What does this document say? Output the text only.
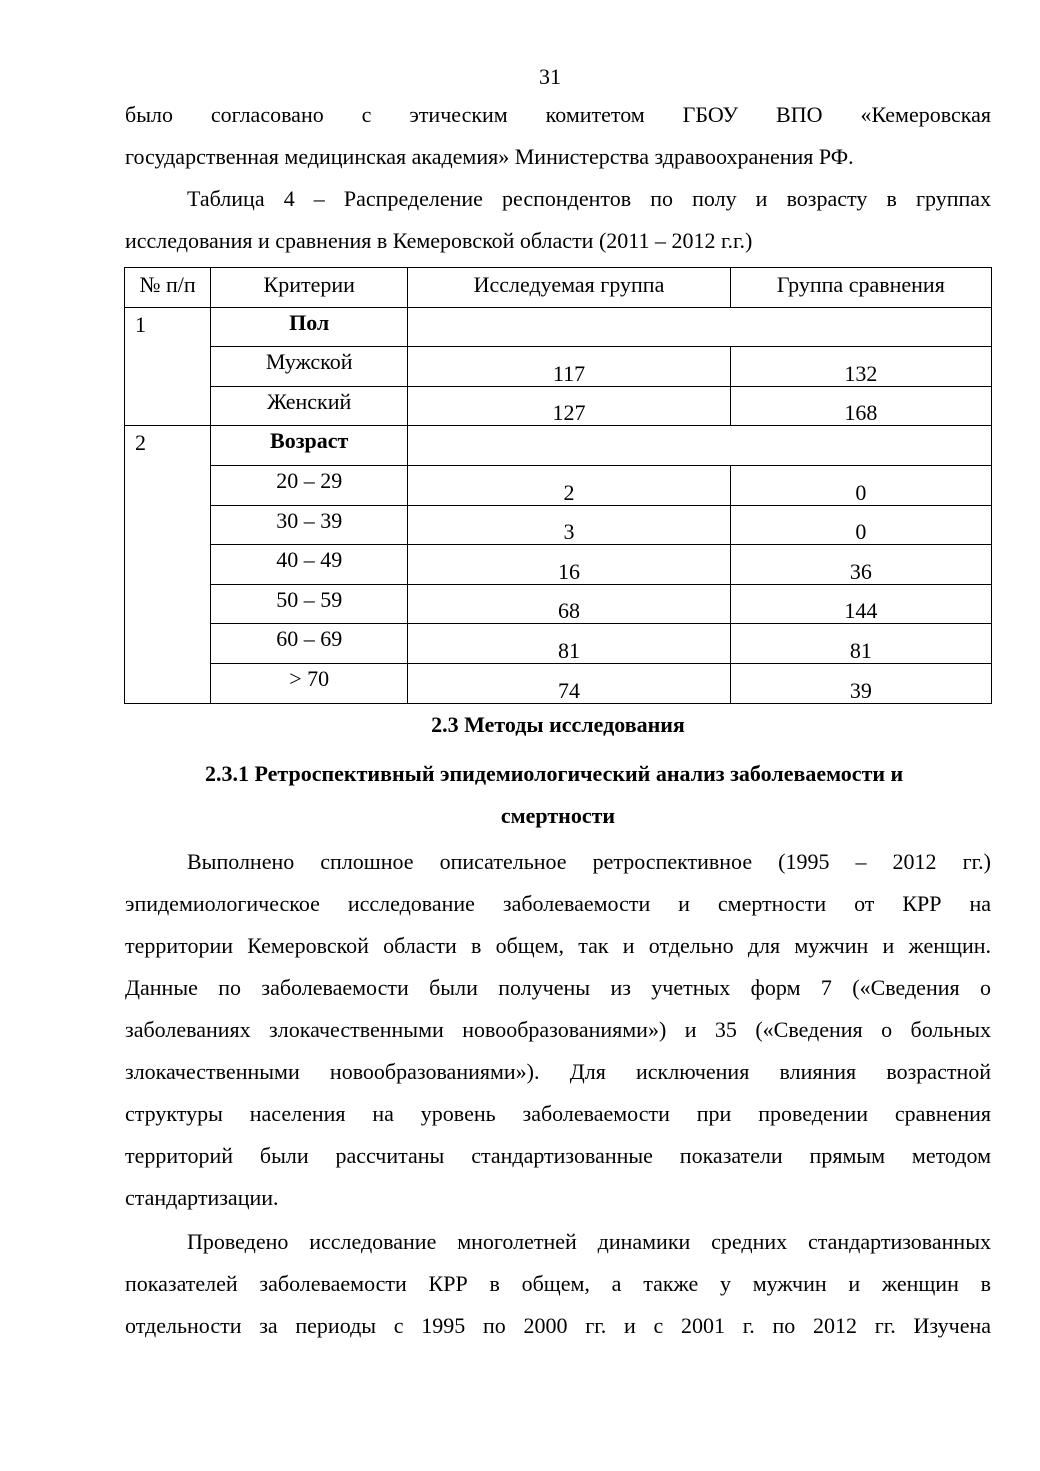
31
было согласовано с этическим комитетом ГБОУ ВПО «Кемеровская
государственная медицинская академия» Министерства здравоохранения РФ.
Таблица 4 – Распределение респондентов по полу и возрасту в группах
исследования и сравнения в Кемеровской области (2011 – 2012 г.г.)
№ п/п	Критерии	Исследуемая группа	Группа сравнения
1	Пол		
	Мужской	117	132
	Женский	127	168
2	Возраст		
	20 – 29	2	0
	30 – 39	3	0
	40 – 49	16	36
	50 – 59	68	144
	60 – 69	81	81
	> 70	74	39
2.3 Методы исследования
2.3.1 Ретроспективный эпидемиологический анализ заболеваемости и
смертности
Выполнено сплошное описательное ретроспективное (1995 – 2012 гг.)
эпидемиологическое исследование заболеваемости и смертности от КРР на
территории Кемеровской области в общем, так и отдельно для мужчин и женщин.
Данные по заболеваемости были получены из учетных форм 7 («Сведения о
заболеваниях злокачественными новообразованиями») и 35 («Сведения о больных
злокачественными новообразованиями»). Для исключения влияния возрастной
структуры населения на уровень заболеваемости при проведении сравнения
территорий были рассчитаны стандартизованные показатели прямым методом
стандартизации.
Проведено исследование многолетней динамики средних стандартизованных
показателей заболеваемости КРР в общем, а также у мужчин и женщин в
отдельности за периоды с 1995 по 2000 гг. и с 2001 г. по 2012 гг. Изучена
